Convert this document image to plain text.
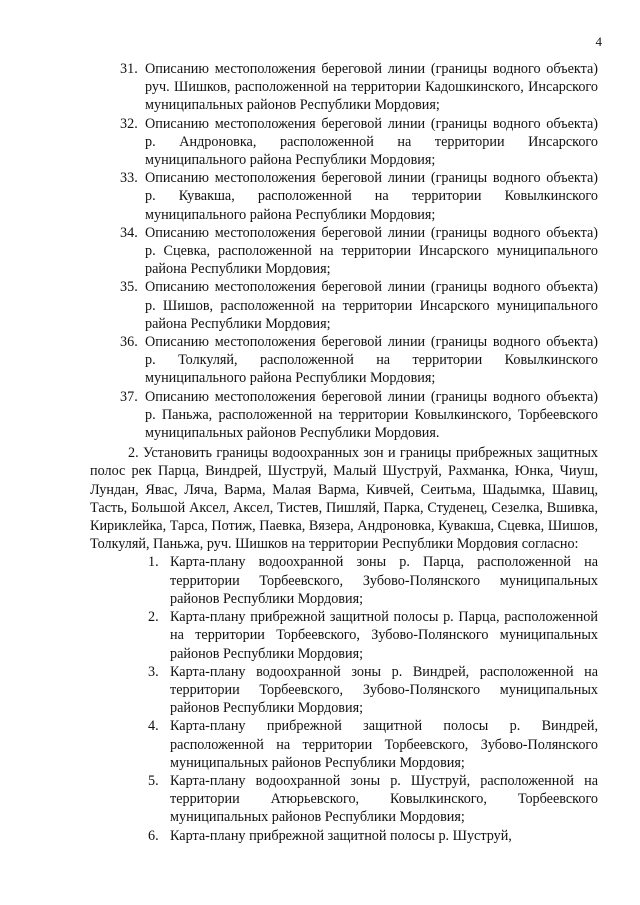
4
31. Описанию местоположения береговой линии (границы водного объекта) руч. Шишков, расположенной на территории Кадошкинского, Инсарского муниципальных районов Республики Мордовия;
32. Описанию местоположения береговой линии (границы водного объекта) р. Андроновка, расположенной на территории Инсарского муниципального района Республики Мордовия;
33. Описанию местоположения береговой линии (границы водного объекта) р. Кувакша, расположенной на территории Ковылкинского муниципального района Республики Мордовия;
34. Описанию местоположения береговой линии (границы водного объекта) р. Сцевка, расположенной на территории Инсарского муниципального района Республики Мордовия;
35. Описанию местоположения береговой линии (границы водного объекта) р. Шишов, расположенной на территории Инсарского муниципального района Республики Мордовия;
36. Описанию местоположения береговой линии (границы водного объекта) р. Толкуляй, расположенной на территории Ковылкинского муниципального района Республики Мордовия;
37. Описанию местоположения береговой линии (границы водного объекта) р. Паньжа, расположенной на территории Ковылкинского, Торбеевского муниципальных районов Республики Мордовия.

2. Установить границы водоохранных зон и границы прибрежных защитных полос рек Парца, Виндрей, Шуструй, Малый Шуструй, Рахманка, Юнка, Чиуш, Лундан, Явас, Ляча, Варма, Малая Варма, Кивчей, Сеитьма, Шадымка, Шавиц, Тасть, Большой Аксел, Аксел, Тистев, Пишляй, Парка, Студенец, Сезелка, Вшивка, Кириклейка, Тарса, Потиж, Паевка, Вязера, Андроновка, Кувакша, Сцевка, Шишов, Толкуляй, Паньжа, руч. Шишков на территории Республики Мордовия согласно:

1. Карта-плану водоохранной зоны р. Парца, расположенной на территории Торбеевского, Зубово-Полянского муниципальных районов Республики Мордовия;
2. Карта-плану прибрежной защитной полосы р. Парца, расположенной на территории Торбеевского, Зубово-Полянского муниципальных районов Республики Мордовия;
3. Карта-плану водоохранной зоны р. Виндрей, расположенной на территории Торбеевского, Зубово-Полянского муниципальных районов Республики Мордовия;
4. Карта-плану прибрежной защитной полосы р. Виндрей, расположенной на территории Торбеевского, Зубово-Полянского муниципальных районов Республики Мордовия;
5. Карта-плану водоохранной зоны р. Шуструй, расположенной на территории Атюрьевского, Ковылкинского, Торбеевского муниципальных районов Республики Мордовия;
6. Карта-плану прибрежной защитной полосы р. Шуструй,
